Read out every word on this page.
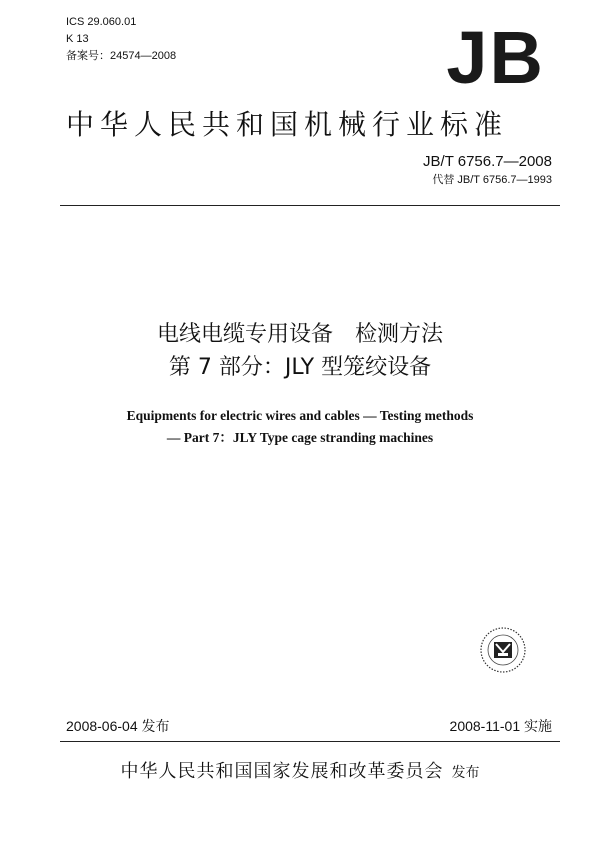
ICS 29.060.01
K 13
备案号：24574—2008	JB
中华人民共和国机械行业标准
JB/T 6756.7—2008
代替 JB/T 6756.7—1993
电线电缆专用设备　检测方法
第 7 部分：JLY 型笼绞设备
Equipments for electric wires and cables — Testing methods
— Part 7：JLY Type cage stranding machines
2008-06-04 发布	2008-11-01 实施
中华人民共和国国家发展和改革委员会 发布
